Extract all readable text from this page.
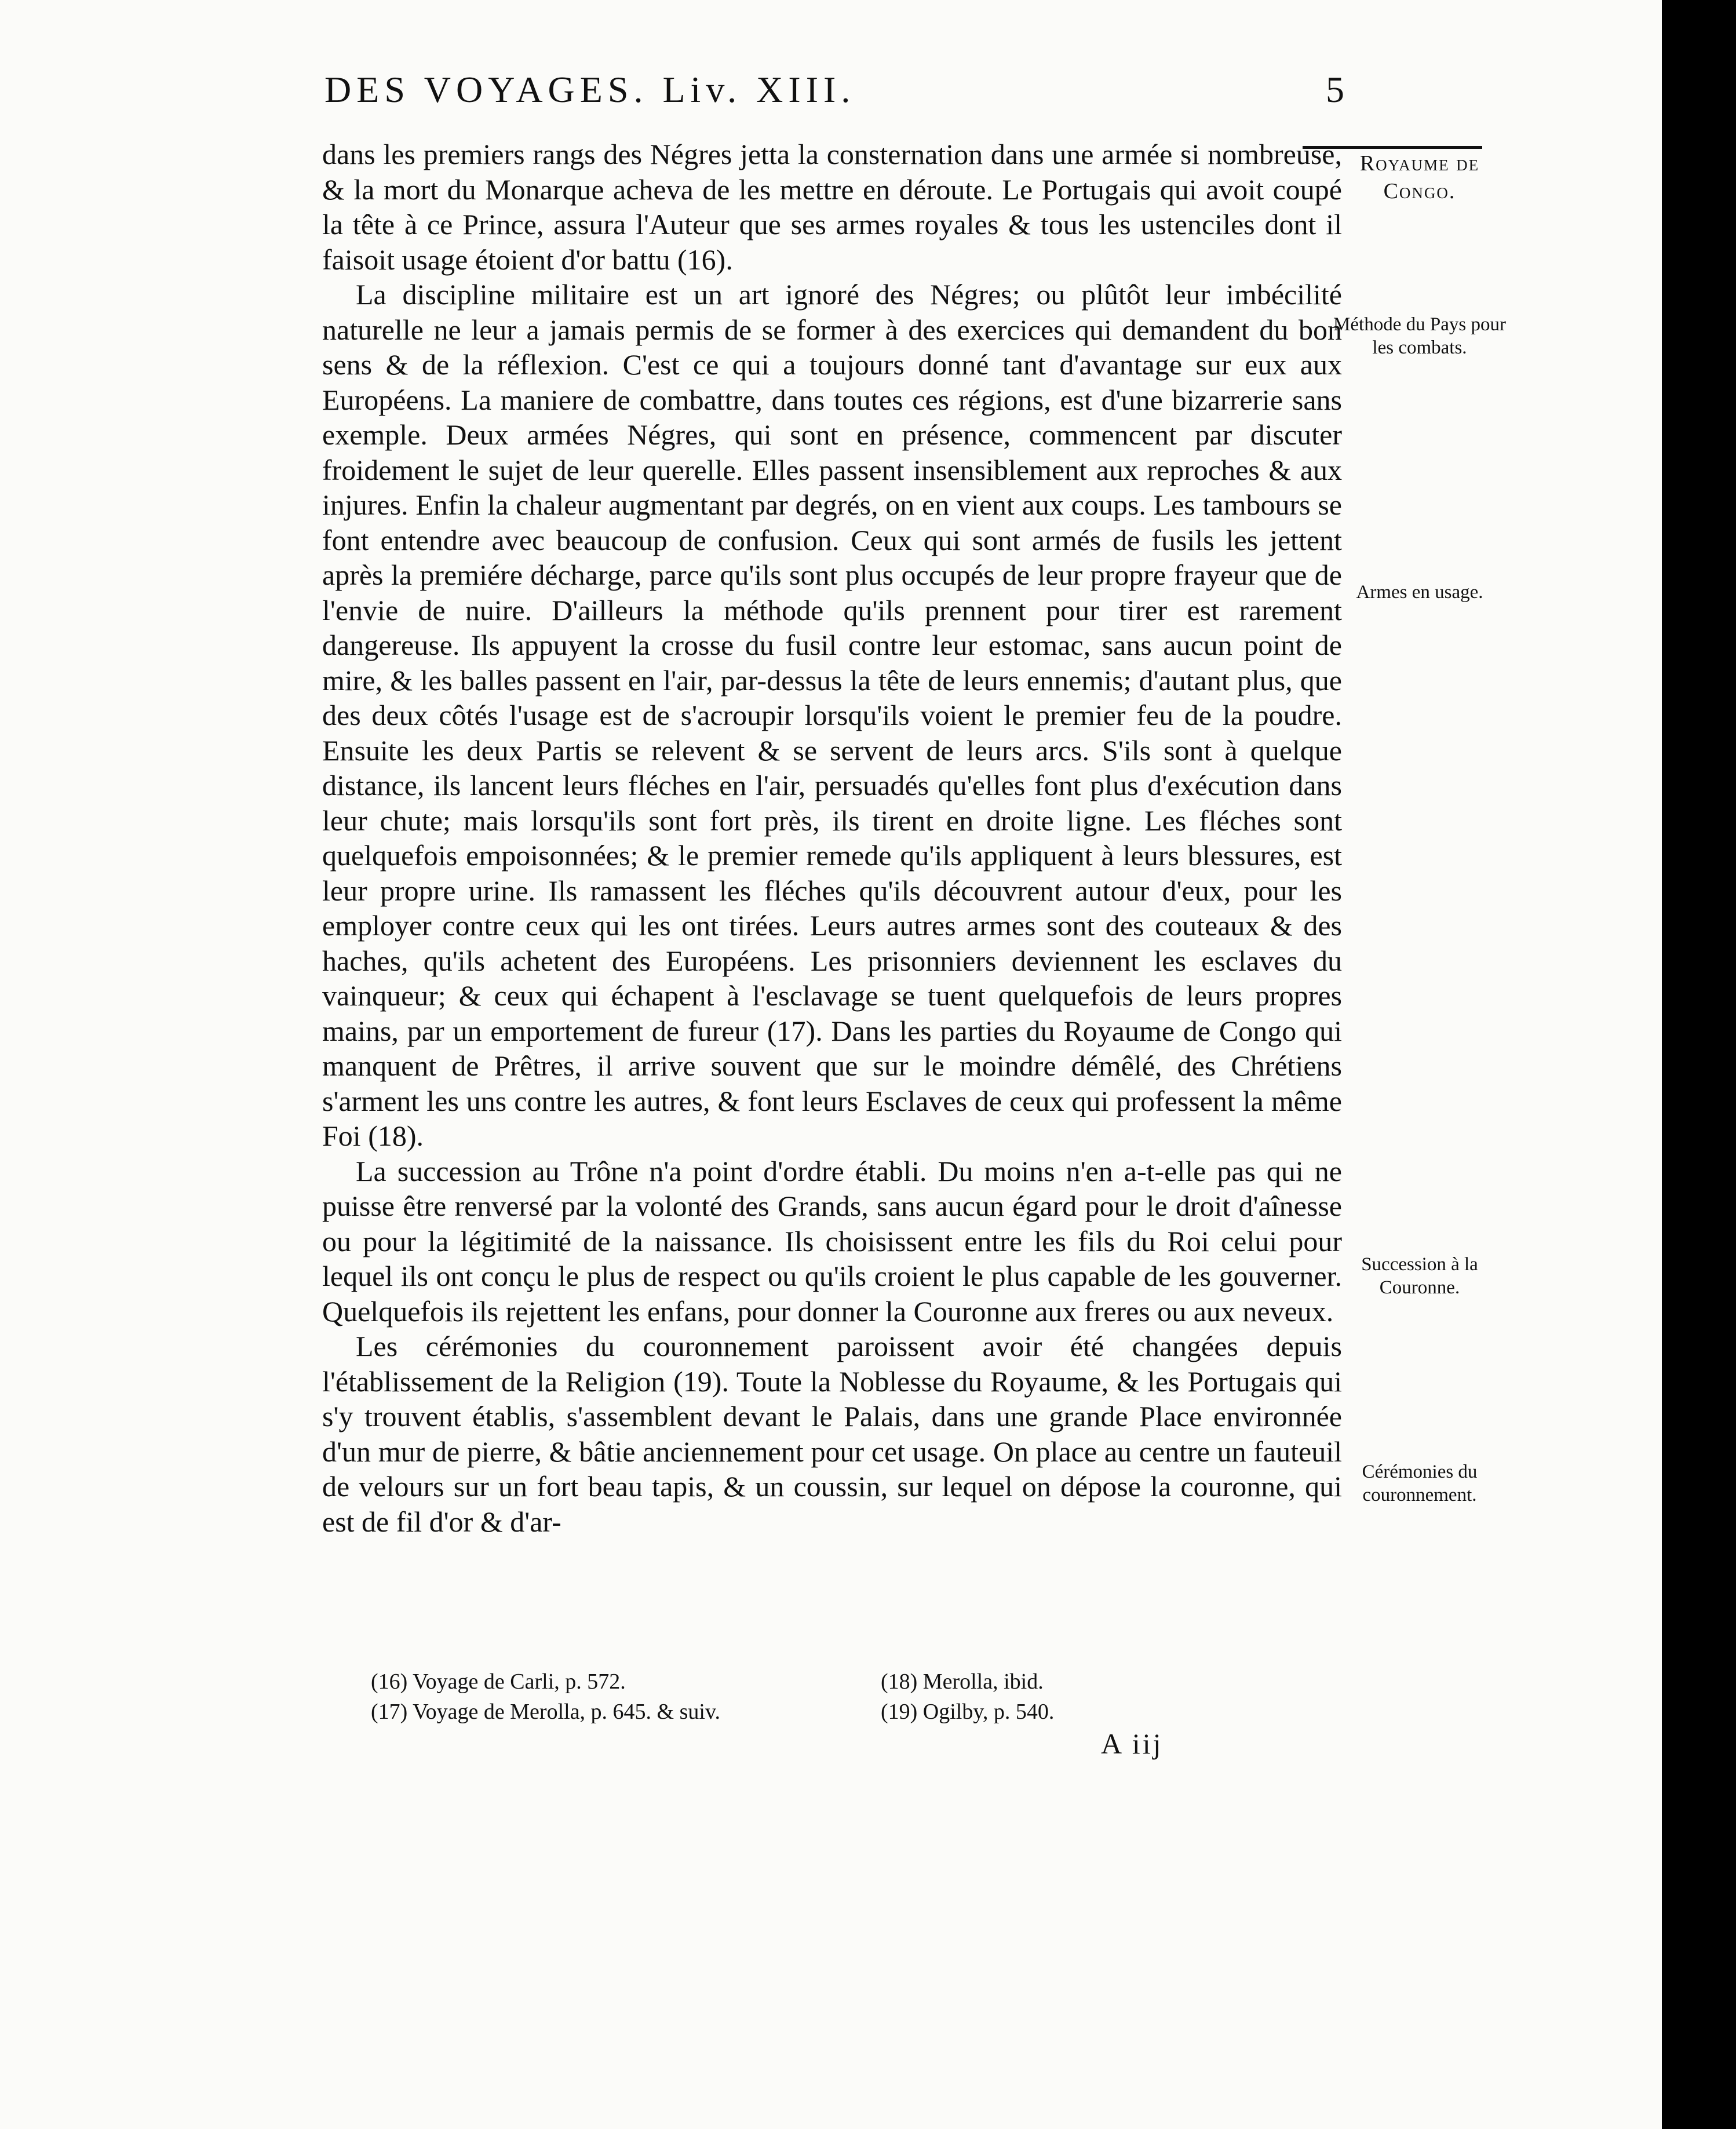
DES VOYAGES. Liv. XIII.	5
Royaume de Congo.
Méthode du Pays pour les combats.
Armes en usage.
Succession à la Couronne.
Cérémonies du couronnement.

dans les premiers rangs des Négres jetta la consternation dans une armée si nombreuse, & la mort du Monarque acheva de les mettre en déroute. Le Portugais qui avoit coupé la tête à ce Prince, assura l'Auteur que ses armes royales & tous les ustenciles dont il faisoit usage étoient d'or battu (16).

La discipline militaire est un art ignoré des Négres; ou plûtôt leur imbécilité naturelle ne leur a jamais permis de se former à des exercices qui demandent du bon sens & de la réflexion. C'est ce qui a toujours donné tant d'avantage sur eux aux Européens. La maniere de combattre, dans toutes ces régions, est d'une bizarrerie sans exemple. Deux armées Négres, qui sont en présence, commencent par discuter froidement le sujet de leur querelle. Elles passent insensiblement aux reproches & aux injures. Enfin la chaleur augmentant par degrés, on en vient aux coups. Les tambours se font entendre avec beaucoup de confusion. Ceux qui sont armés de fusils les jettent après la premiére décharge, parce qu'ils sont plus occupés de leur propre frayeur que de l'envie de nuire. D'ailleurs la méthode qu'ils prennent pour tirer est rarement dangereuse. Ils appuyent la crosse du fusil contre leur estomac, sans aucun point de mire, & les balles passent en l'air, par-dessus la tête de leurs ennemis; d'autant plus, que des deux côtés l'usage est de s'acroupir lorsqu'ils voient le premier feu de la poudre. Ensuite les deux Partis se relevent & se servent de leurs arcs. S'ils sont à quelque distance, ils lancent leurs fléches en l'air, persuadés qu'elles font plus d'exécution dans leur chute; mais lorsqu'ils sont fort près, ils tirent en droite ligne. Les fléches sont quelquefois empoisonnées; & le premier remede qu'ils appliquent à leurs blessures, est leur propre urine. Ils ramassent les fléches qu'ils découvrent autour d'eux, pour les employer contre ceux qui les ont tirées. Leurs autres armes sont des couteaux & des haches, qu'ils achetent des Européens. Les prisonniers deviennent les esclaves du vainqueur; & ceux qui échapent à l'esclavage se tuent quelquefois de leurs propres mains, par un emportement de fureur (17). Dans les parties du Royaume de Congo qui manquent de Prêtres, il arrive souvent que sur le moindre démêlé, des Chrétiens s'arment les uns contre les autres, & font leurs Esclaves de ceux qui professent la même Foi (18).

La succession au Trône n'a point d'ordre établi. Du moins n'en a-t-elle pas qui ne puisse être renversé par la volonté des Grands, sans aucun égard pour le droit d'aînesse ou pour la légitimité de la naissance. Ils choisissent entre les fils du Roi celui pour lequel ils ont conçu le plus de respect ou qu'ils croient le plus capable de les gouverner. Quelquefois ils rejettent les enfans, pour donner la Couronne aux freres ou aux neveux.

Les cérémonies du couronnement paroissent avoir été changées depuis l'établissement de la Religion (19). Toute la Noblesse du Royaume, & les Portugais qui s'y trouvent établis, s'assemblent devant le Palais, dans une grande Place environnée d'un mur de pierre, & bâtie anciennement pour cet usage. On place au centre un fauteuil de velours sur un fort beau tapis, & un coussin, sur lequel on dépose la couronne, qui est de fil d'or & d'ar-

(16) Voyage de Carli, p. 572.	(18) Merolla, ibid.
(17) Voyage de Merolla, p. 645. & suiv.	(19) Ogilby, p. 540.
A iij
